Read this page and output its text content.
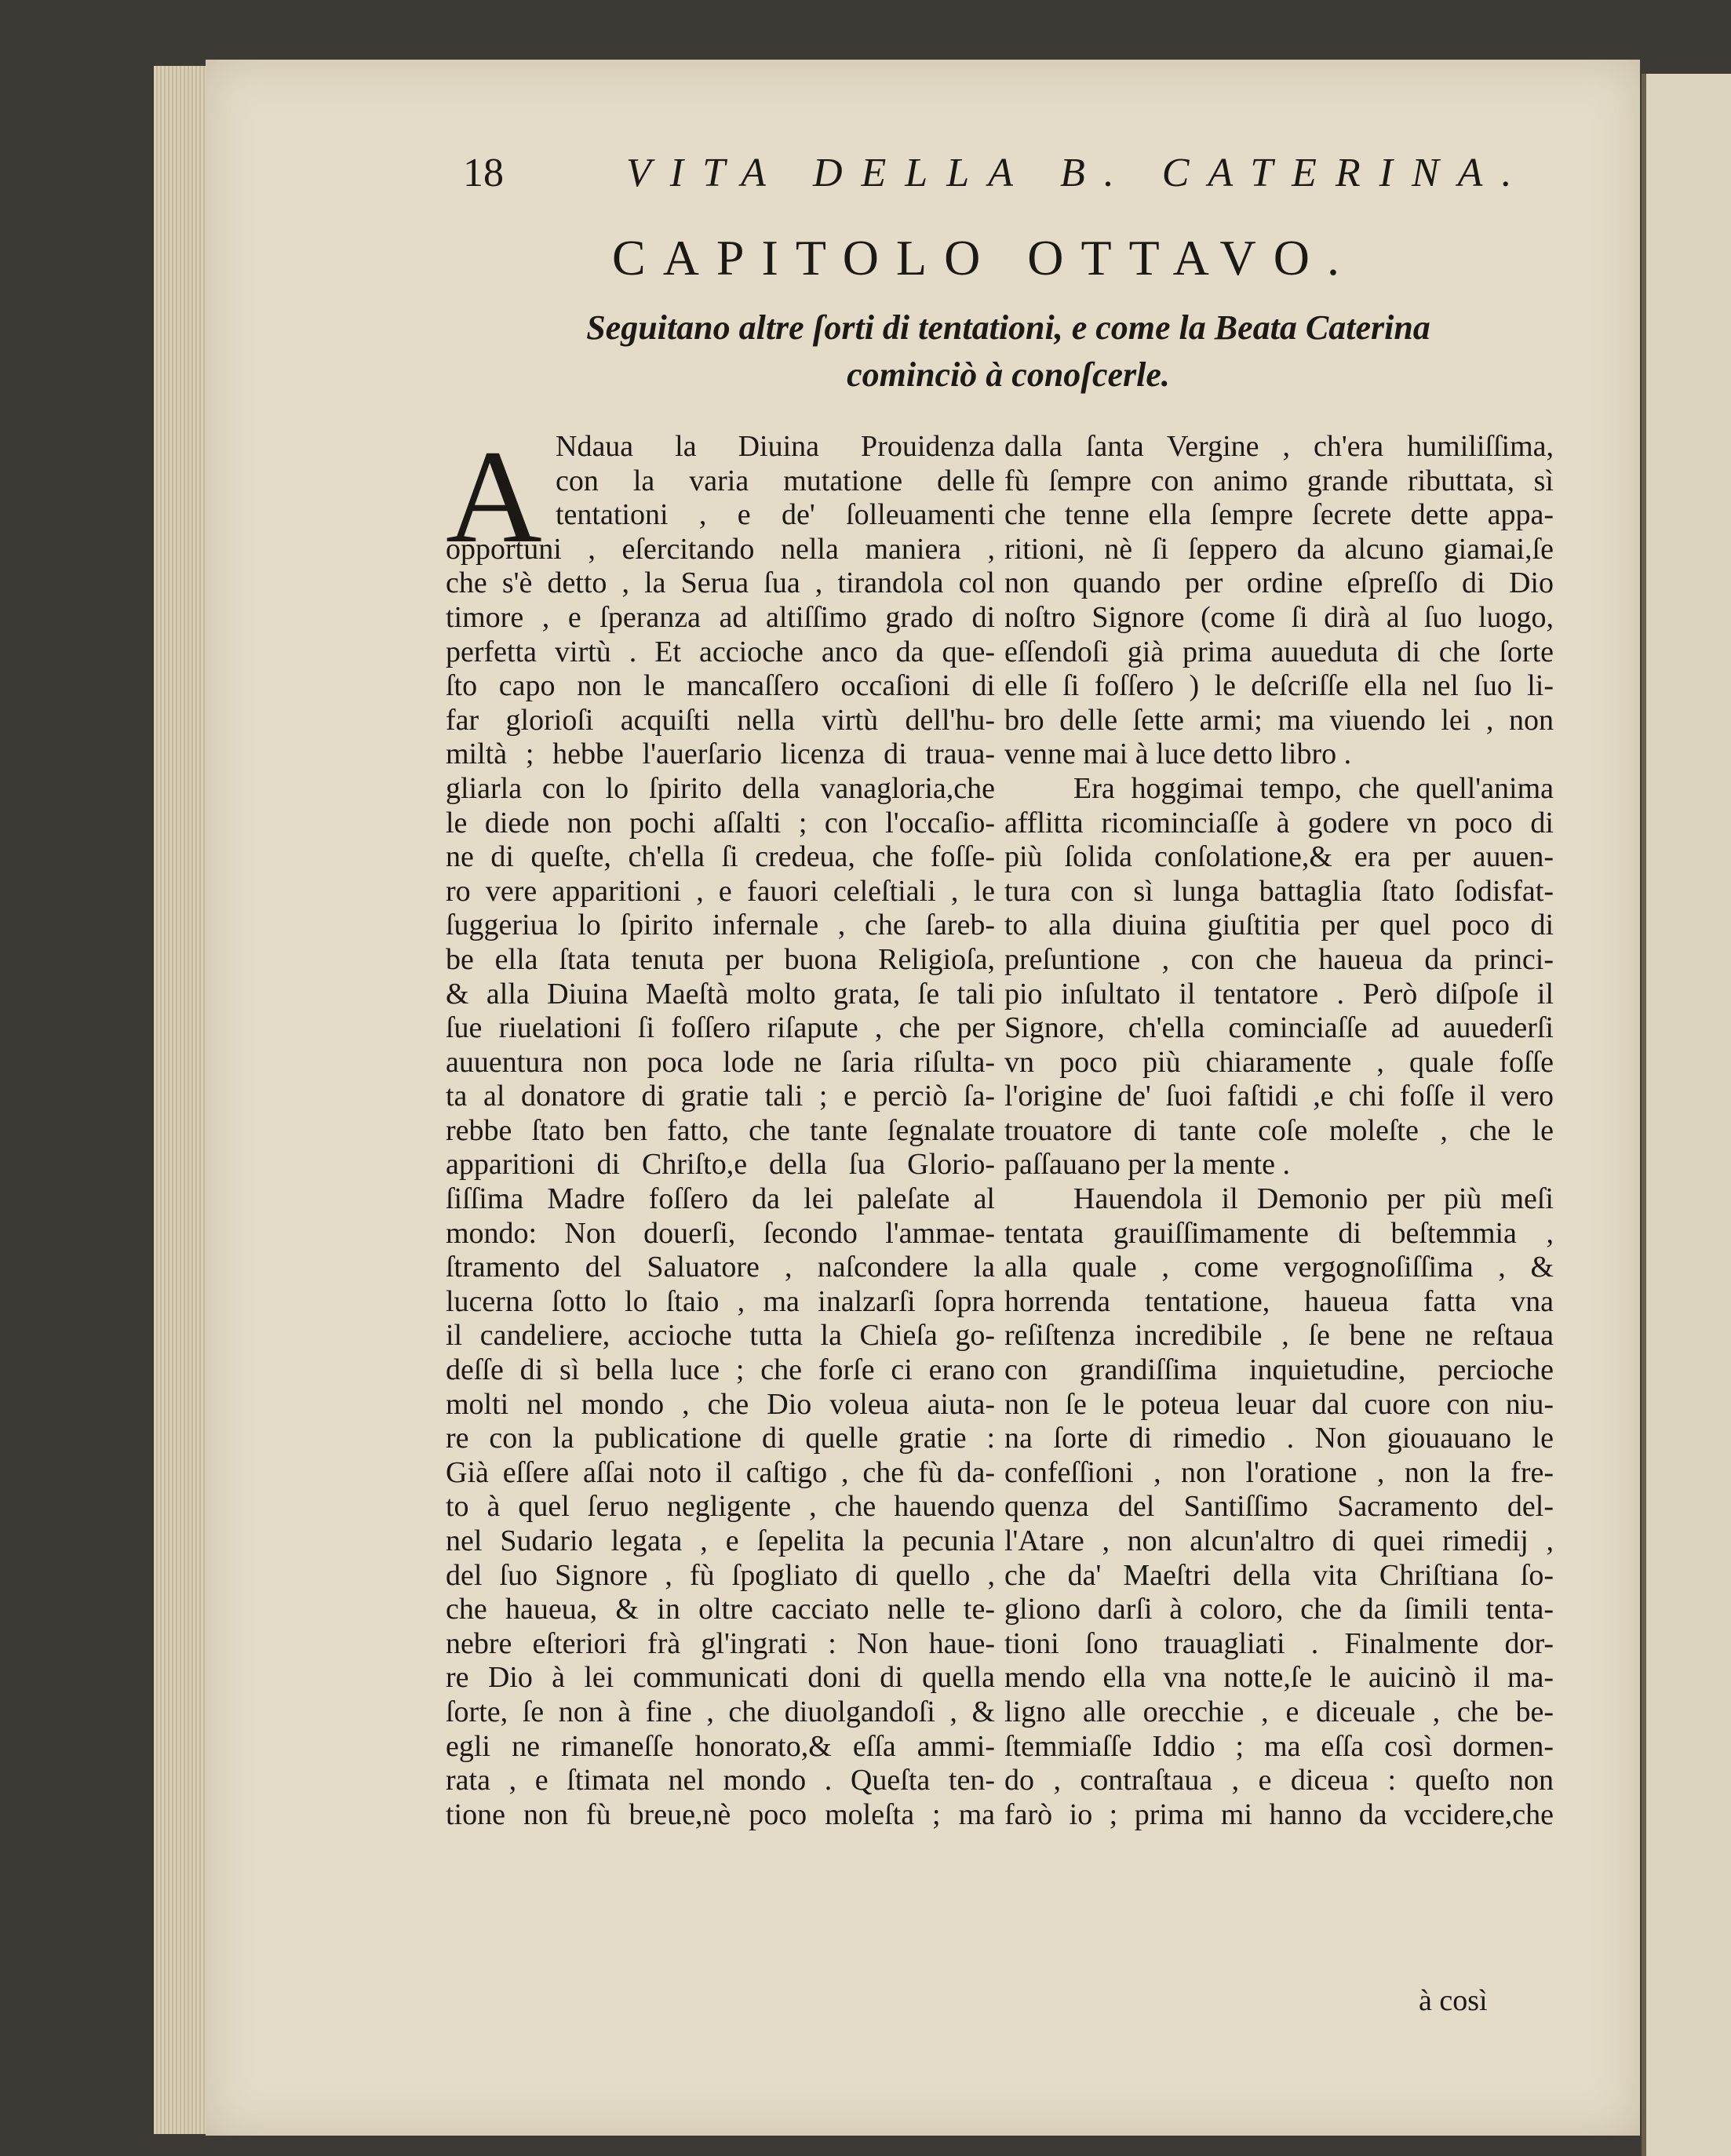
18	VITA DELLA B. CATERINA.
CAPITOLO OTTAVO.
Seguitano altre ſorti di tentationi, e come la Beata Caterina
cominciò à conoſcerle.
A Ndaua la Diuina Prouidenza
con la varia mutatione delle
tentationi , e de' ſolleuamenti
opportuni , eſercitando nella maniera ,
che s'è detto , la Serua ſua , tirandola col
timore , e ſperanza ad altiſſimo grado di
perfetta virtù . Et accioche anco da que-
ſto capo non le mancaſſero occaſioni di
far glorioſi acquiſti nella virtù dell'hu-
miltà ; hebbe l'auerſario licenza di traua-
gliarla con lo ſpirito della vanagloria,che
le diede non pochi aſſalti ; con l'occaſio-
ne di queſte, ch'ella ſi credeua, che foſſe-
ro vere apparitioni , e fauori celeſtiali , le
ſuggeriua lo ſpirito infernale , che ſareb-
be ella ſtata tenuta per buona Religioſa,
& alla Diuina Maeſtà molto grata, ſe tali
ſue riuelationi ſi foſſero riſapute , che per
auuentura non poca lode ne ſaria riſulta-
ta al donatore di gratie tali ; e perciò ſa-
rebbe ſtato ben fatto, che tante ſegnalate
apparitioni di Chriſto,e della ſua Glorio-
ſiſſima Madre foſſero da lei paleſate al
mondo: Non douerſi, ſecondo l'ammae-
ſtramento del Saluatore , naſcondere la
lucerna ſotto lo ſtaio , ma inalzarſi ſopra
il candeliere, accioche tutta la Chieſa go-
deſſe di sì bella luce ; che forſe ci erano
molti nel mondo , che Dio voleua aiuta-
re con la publicatione di quelle gratie :
Già eſſere aſſai noto il caſtigo , che fù da-
to à quel ſeruo negligente , che hauendo
nel Sudario legata , e ſepelita la pecunia
del ſuo Signore , fù ſpogliato di quello ,
che haueua, & in oltre cacciato nelle te-
nebre eſteriori frà gl'ingrati : Non haue-
re Dio à lei communicati doni di quella
ſorte, ſe non à fine , che diuolgandoſi , &
egli ne rimaneſſe honorato,& eſſa ammi-
rata , e ſtimata nel mondo . Queſta ten-
tione non fù breue,nè poco moleſta ; ma
dalla ſanta Vergine , ch'era humiliſſima,
fù ſempre con animo grande ributtata, sì
che tenne ella ſempre ſecrete dette appa-
ritioni, nè ſi ſeppero da alcuno giamai,ſe
non quando per ordine eſpreſſo di Dio
noſtro Signore (come ſi dirà al ſuo luogo,
eſſendoſi già prima auueduta di che ſorte
elle ſi foſſero ) le deſcriſſe ella nel ſuo li-
bro delle ſette armi; ma viuendo lei , non
venne mai à luce detto libro .
Era hoggimai tempo, che quell'anima
afflitta ricominciaſſe à godere vn poco di
più ſolida conſolatione,& era per auuen-
tura con sì lunga battaglia ſtato ſodisfat-
to alla diuina giuſtitia per quel poco di
preſuntione , con che haueua da princi-
pio inſultato il tentatore . Però diſpoſe il
Signore, ch'ella cominciaſſe ad auuederſi
vn poco più chiaramente , quale foſſe
l'origine de' ſuoi faſtidi ,e chi foſſe il vero
trouatore di tante coſe moleſte , che le
paſſauano per la mente .
Hauendola il Demonio per più meſi
tentata grauiſſimamente di beſtemmia ,
alla quale , come vergognoſiſſima , &
horrenda tentatione, haueua fatta vna
reſiſtenza incredibile , ſe bene ne reſtaua
con grandiſſima inquietudine, percioche
non ſe le poteua leuar dal cuore con niu-
na ſorte di rimedio . Non giouauano le
confeſſioni , non l'oratione , non la fre-
quenza del Santiſſimo Sacramento del-
l'Atare , non alcun'altro di quei rimedij ,
che da' Maeſtri della vita Chriſtiana ſo-
gliono darſi à coloro, che da ſimili tenta-
tioni ſono trauagliati . Finalmente dor-
mendo ella vna notte,ſe le auicinò il ma-
ligno alle orecchie , e diceuale , che be-
ſtemmiaſſe Iddio ; ma eſſa così dormen-
do , contraſtaua , e diceua : queſto non
farò io ; prima mi hanno da vccidere,che
à così
